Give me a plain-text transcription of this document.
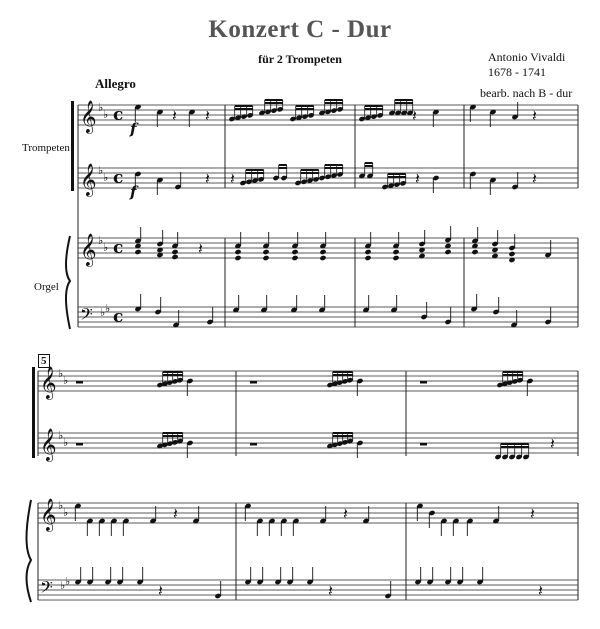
Konzert C - Dur
für 2 Trompeten	Antonio Vivaldi
1678 - 1741
bearb. nach B - dur
Allegro
Trompeten
Orgel
5
𝄞 ♭
♭ c
𝄞 ♭
♭ c
𝄞 ♭
♭ c
𝄢 ♭ ♭ c
f
f
𝄽 𝄽	𝄽	𝄽
𝄽 𝄽	𝄽	𝄽
𝄽
𝄞 ♭
♭
𝄞 ♭
♭
𝄞 ♭
♭
𝄢 ♭ ♭
𝄽
𝄽	𝄽	𝄽
𝄽	𝄽	𝄽
